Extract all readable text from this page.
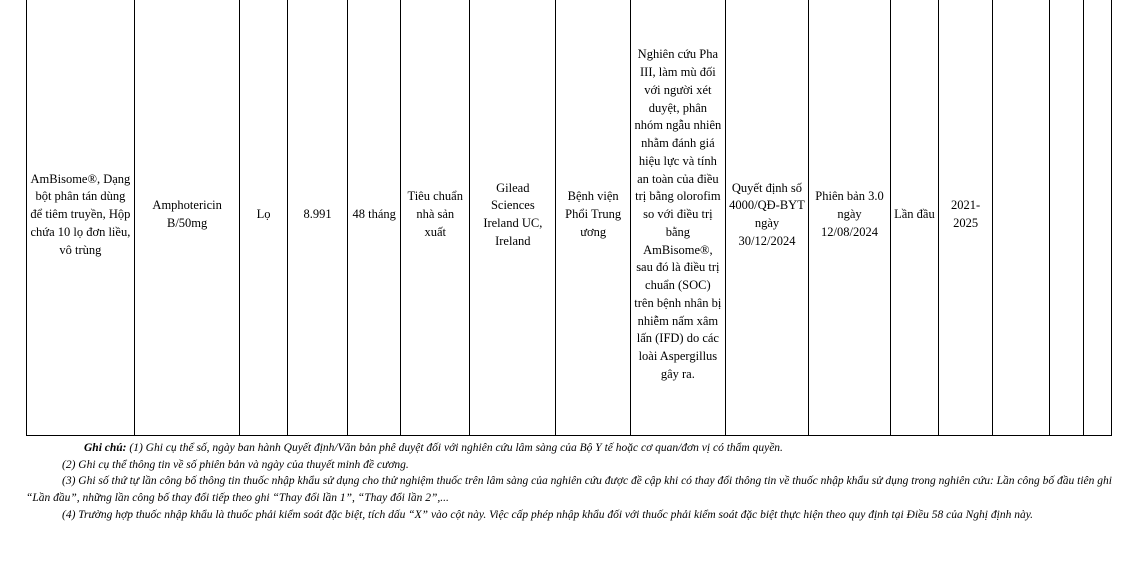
AmBisome®, Dạng bột phân tán dùng để tiêm truyền, Hộp chứa 10 lọ đơn liều, vô trùng	Amphotericin B/50mg	Lọ	8.991	48 tháng	Tiêu chuẩn nhà sản xuất	Gilead Sciences Ireland UC, Ireland	Bệnh viện Phổi Trung ương	Nghiên cứu Pha III, làm mù đối với người xét duyệt, phân nhóm ngẫu nhiên nhằm đánh giá hiệu lực và tính an toàn của điều trị bằng olorofim so với điều trị bằng AmBisome®, sau đó là điều trị chuẩn (SOC) trên bệnh nhân bị nhiễm nấm xâm lấn (IFD) do các loài Aspergillus gây ra.	Quyết định số 4000/QĐ-BYT ngày 30/12/2024	Phiên bản 3.0 ngày 12/08/2024	Lần đầu	2021-2025			
Ghi chú: (1) Ghi cụ thể số, ngày ban hành Quyết định/Văn bản phê duyệt đối với nghiên cứu lâm sàng của Bộ Y tế hoặc cơ quan/đơn vị có thẩm quyền.
(2) Ghi cụ thể thông tin về số phiên bản và ngày của thuyết minh đề cương.
(3) Ghi số thứ tự lần công bố thông tin thuốc nhập khẩu sử dụng cho thử nghiệm thuốc trên lâm sàng của nghiên cứu được đề cập khi có thay đổi thông tin về thuốc nhập khẩu sử dụng trong nghiên cứu: Lần công bố đầu tiên ghi “Lần đầu”, những lần công bố thay đổi tiếp theo ghi “Thay đổi lần 1”, “Thay đổi lần 2”,...
(4) Trường hợp thuốc nhập khẩu là thuốc phải kiểm soát đặc biệt, tích dấu “X” vào cột này. Việc cấp phép nhập khẩu đối với thuốc phải kiểm soát đặc biệt thực hiện theo quy định tại Điều 58 của Nghị định này.
